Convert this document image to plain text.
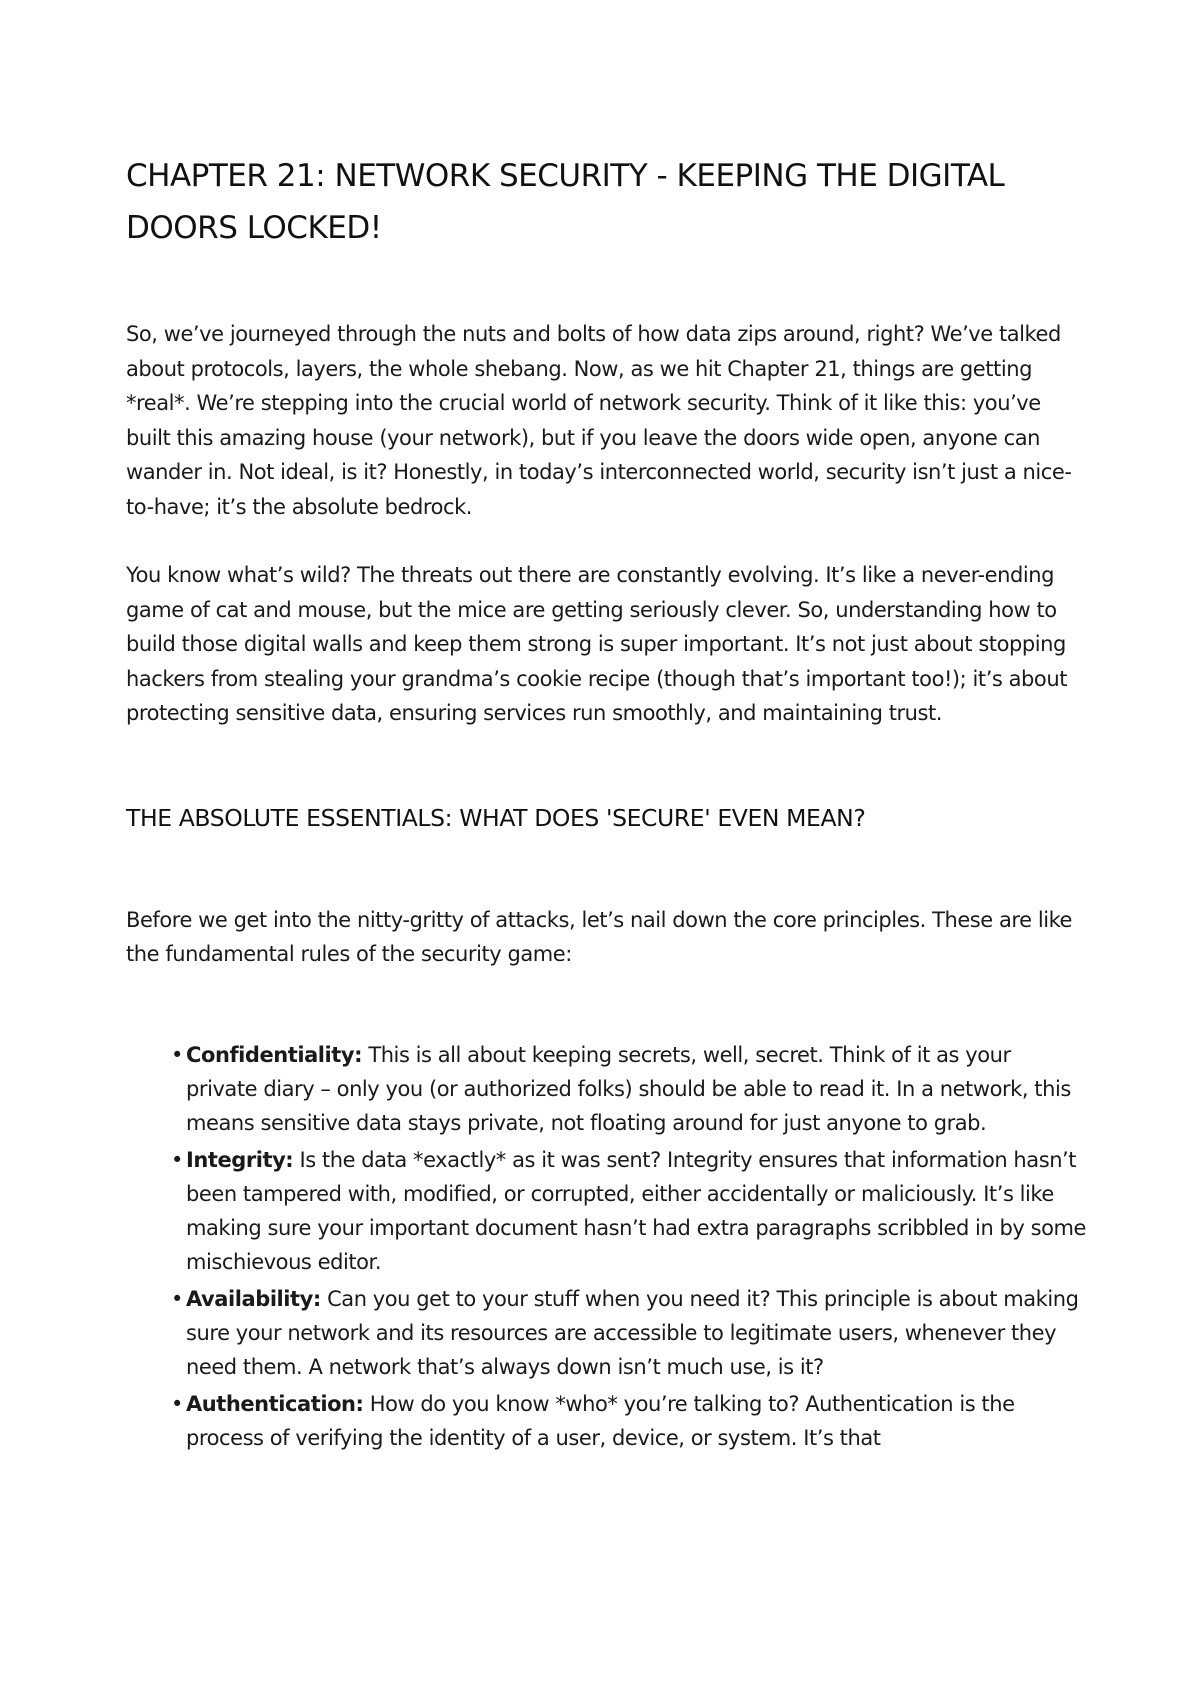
CHAPTER 21: NETWORK SECURITY - KEEPING THE DIGITAL DOORS LOCKED!

So, we’ve journeyed through the nuts and bolts of how data zips around, right? We’ve talked about protocols, layers, the whole shebang. Now, as we hit Chapter 21, things are getting *real*. We’re stepping into the crucial world of network security. Think of it like this: you’ve built this amazing house (your network), but if you leave the doors wide open, anyone can wander in. Not ideal, is it? Honestly, in today’s interconnected world, security isn’t just a nice-to-have; it’s the absolute bedrock.

You know what’s wild? The threats out there are constantly evolving. It’s like a never-ending game of cat and mouse, but the mice are getting seriously clever. So, understanding how to build those digital walls and keep them strong is super important. It’s not just about stopping hackers from stealing your grandma’s cookie recipe (though that’s important too!); it’s about protecting sensitive data, ensuring services run smoothly, and maintaining trust.

THE ABSOLUTE ESSENTIALS: WHAT DOES 'SECURE' EVEN MEAN?

Before we get into the nitty-gritty of attacks, let’s nail down the core principles. These are like the fundamental rules of the security game:

• Confidentiality: This is all about keeping secrets, well, secret. Think of it as your private diary – only you (or authorized folks) should be able to read it. In a network, this means sensitive data stays private, not floating around for just anyone to grab.
• Integrity: Is the data *exactly* as it was sent? Integrity ensures that information hasn’t been tampered with, modified, or corrupted, either accidentally or maliciously. It’s like making sure your important document hasn’t had extra paragraphs scribbled in by some mischievous editor.
• Availability: Can you get to your stuff when you need it? This principle is about making sure your network and its resources are accessible to legitimate users, whenever they need them. A network that’s always down isn’t much use, is it?
• Authentication: How do you know *who* you’re talking to? Authentication is the process of verifying the identity of a user, device, or system. It’s that
